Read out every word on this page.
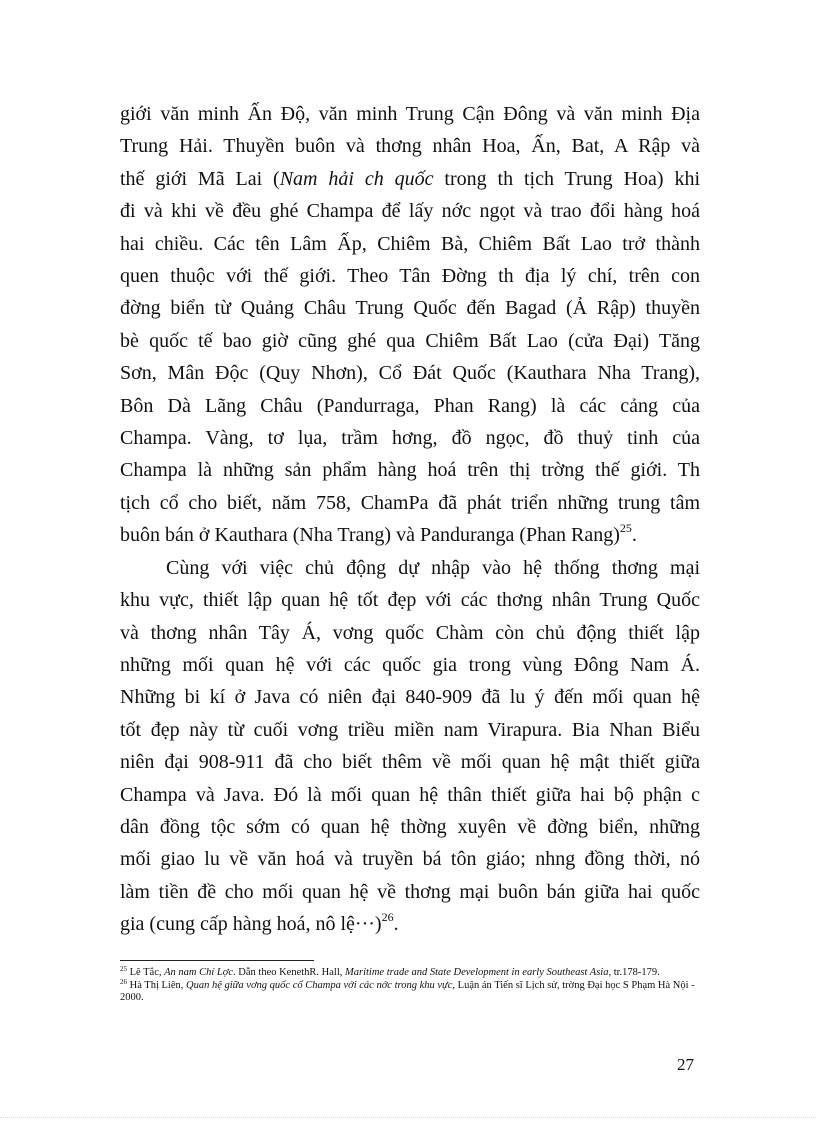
giới văn minh Ấn Độ, văn minh Trung Cận Đông và văn minh Địa
Trung Hải. Thuyền buôn và thơng nhân Hoa, Ấn, Bat, A Rập và
thế giới Mã Lai (Nam hải ch quốc trong th tịch Trung Hoa) khi
đi và khi về đều ghé Champa để lấy nớc ngọt và trao đổi hàng hoá
hai chiều. Các tên Lâm Ấp, Chiêm Bà, Chiêm Bất Lao trở thành
quen thuộc với thế giới. Theo Tân Đờng th địa lý chí, trên con
đờng biển từ Quảng Châu Trung Quốc đến Bagad (Ả Rập) thuyền
bè quốc tế bao giờ cũng ghé qua Chiêm Bất Lao (cửa Đại) Tăng
Sơn, Mân Độc (Quy Nhơn), Cổ Đát Quốc (Kauthara Nha Trang),
Bôn Dà Lãng Châu (Pandurraga, Phan Rang) là các cảng của
Champa. Vàng, tơ lụa, trầm hơng, đồ ngọc, đồ thuỷ tinh của
Champa là những sản phẩm hàng hoá trên thị trờng thế giới. Th
tịch cổ cho biết, năm 758, ChamPa đã phát triển những trung tâm
buôn bán ở Kauthara (Nha Trang) và Panduranga (Phan Rang)$^{25}$.
Cùng với việc chủ động dự nhập vào hệ thống thơng mại
khu vực, thiết lập quan hệ tốt đẹp với các thơng nhân Trung Quốc
và thơng nhân Tây Á, vơng quốc Chàm còn chủ động thiết lập
những mối quan hệ với các quốc gia trong vùng Đông Nam Á.
Những bi kí ở Java có niên đại 840-909 đã lu ý đến mối quan hệ
tốt đẹp này từ cuối vơng triều miền nam Virapura. Bia Nhan Biểu
niên đại 908-911 đã cho biết thêm về mối quan hệ mật thiết giữa
Champa và Java. Đó là mối quan hệ thân thiết giữa hai bộ phận c
dân đồng tộc sớm có quan hệ thờng xuyên về đờng biển, những
mối giao lu về văn hoá và truyền bá tôn giáo; nhng đồng thời, nó
làm tiền đề cho mối quan hệ về thơng mại buôn bán giữa hai quốc
gia (cung cấp hàng hoá, nô lệ···)$^{26}$.
$^{25}$ Lê Tắc, An nam Chí Lợc. Dẫn theo KenethR. Hall, Maritime trade and State Development in early Southeast Asia, tr.178-179.
$^{26}$ Hà Thị Liên, Quan hệ giữa vơng quốc cổ Champa với các nớc trong khu vực, Luận án Tiến sĩ Lịch sử, trờng Đại học S Phạm Hà Nội - 2000.
27
